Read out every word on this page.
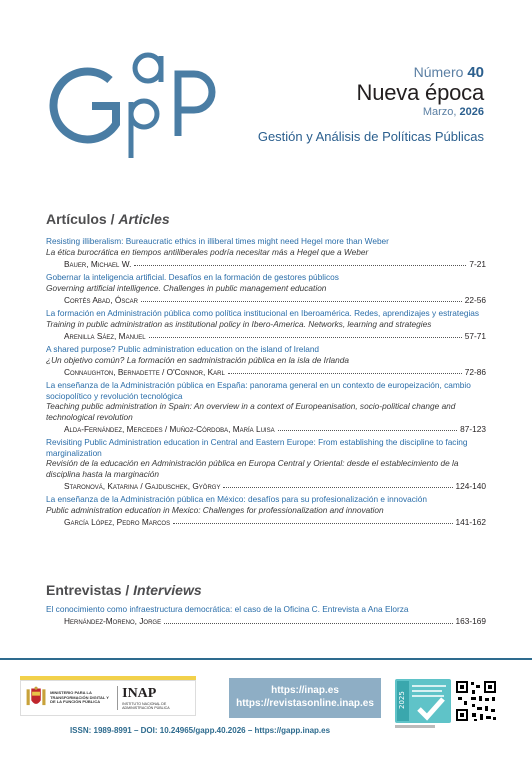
Número 40
Nueva época
Marzo, 2026
Gestión y Análisis de Políticas Públicas
Artículos / Articles
Resisting illiberalism: Bureaucratic ethics in illiberal times might need Hegel more than Weber
La ética burocrática en tiempos antiliberales podría necesitar más a Hegel que a Weber
Bauer, Michael W.	7-21
Gobernar la inteligencia artificial. Desafíos en la formación de gestores públicos
Governing artificial intelligence. Challenges in public management education
Cortés Abad, Óscar	22-56
La formación en Administración pública como política institucional en Iberoamérica. Redes, aprendizajes y estrategias
Training in public administration as institutional policy in Ibero-America. Networks, learning and strategies
Arenilla Sáez, Manuel	57-71
A shared purpose? Public administration education on the island of Ireland
¿Un objetivo común? La formación en sadministración pública en la isla de Irlanda
Connaughton, Bernadette / O'Connor, Karl	72-86
La enseñanza de la Administración pública en España: panorama general en un contexto de europeización, cambio sociopolítico y revolución tecnológica
Teaching public administration in Spain: An overview in a context of Europeanisation, socio-political change and technological revolution
Alda-Fernández, Mercedes / Muñoz-Córdoba, María Luisa	87-123
Revisiting Public Administration education in Central and Eastern Europe: From establishing the discipline to facing marginalization
Revisión de la educación en Administración pública en Europa Central y Oriental: desde el establecimiento de la disciplina hasta la marginación
Staronová, Katarina / Gajduschek, György	124-140
La enseñanza de la Administración pública en México: desafíos para su profesionalización e innovación
Public administration education in Mexico: Challenges for professionalization and innovation
García López, Pedro Marcos	141-162
Entrevistas / Interviews
El conocimiento como infraestructura democrática: el caso de la Oficina C. Entrevista a Ana Elorza
Hernández-Moreno, Jorge	163-169
MINISTERIO PARA LA TRANSFORMACIÓN DIGITAL Y DE LA FUNCIÓN PÚBLICA
INAP
INSTITUTO NACIONAL DE ADMINISTRACIÓN PÚBLICA
https://inap.es
https://revistasonline.inap.es	2025
ISSN: 1989-8991 – DOI: 10.24965/gapp.40.2026 – https://gapp.inap.es
